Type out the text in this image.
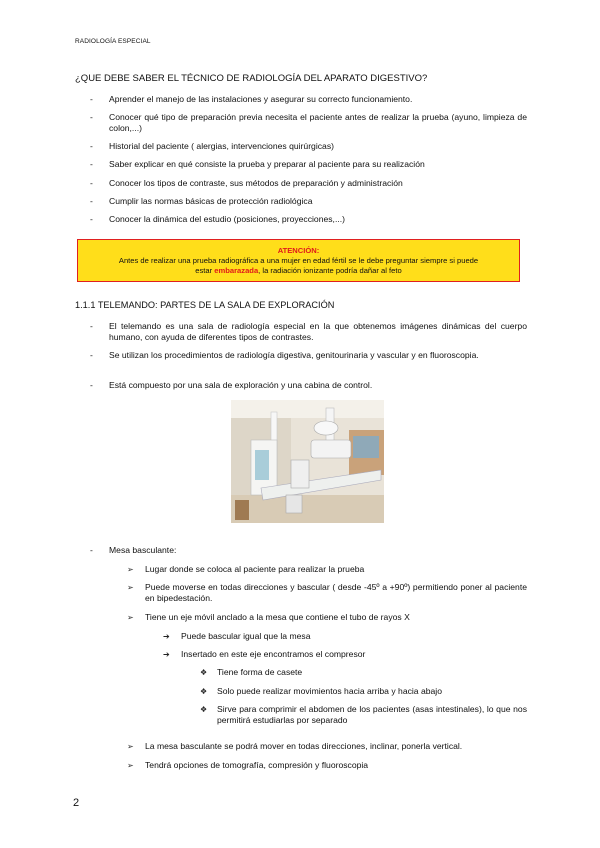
RADIOLOGÍA ESPECIAL
¿QUE DEBE SABER EL TÉCNICO DE RADIOLOGÍA DEL APARATO DIGESTIVO?
- Aprender el manejo de las instalaciones y asegurar su correcto funcionamiento.
- Conocer qué tipo de preparación previa necesita el paciente antes de realizar la prueba (ayuno, limpieza de colon,...)
- Historial del paciente ( alergias, intervenciones quirúrgicas)
- Saber explicar en qué consiste la prueba y preparar al paciente para su realización
- Conocer los tipos de contraste, sus métodos de preparación y administración
- Cumplir las normas básicas de protección radiológica
- Conocer la dinámica del estudio (posiciones, proyecciones,...)
ATENCIÓN:
Antes de realizar una prueba radiográfica a una mujer en edad fértil se le debe preguntar siempre si puede
estar embarazada, la radiación ionizante podría dañar al feto
1.1.1 TELEMANDO: PARTES DE LA SALA DE EXPLORACIÓN
- El telemando es una sala de radiología especial en la que obtenemos imágenes dinámicas del cuerpo humano, con ayuda de diferentes tipos de contrastes.
- Se utilizan los procedimientos de radiología digestiva, genitourinaria y vascular y en fluoroscopia.
- Está compuesto por una sala de exploración y una cabina de control.
- Mesa basculante:
➢ Lugar donde se coloca al paciente para realizar la prueba
➢ Puede moverse en todas direcciones y bascular ( desde -45º a +90º) permitiendo poner al paciente en bipedestación.
➢ Tiene un eje móvil anclado a la mesa que contiene el tubo de rayos X
➔ Puede bascular igual que la mesa
➔ Insertado en este eje encontramos el compresor
❖ Tiene forma de casete
❖ Solo puede realizar movimientos hacia arriba y hacia abajo
❖ Sirve para comprimir el abdomen de los pacientes (asas intestinales), lo que nos permitirá estudiarlas por separado
➢ La mesa basculante se podrá mover en todas direcciones, inclinar, ponerla vertical.
➢ Tendrá opciones de tomografía, compresión y fluoroscopia
2
